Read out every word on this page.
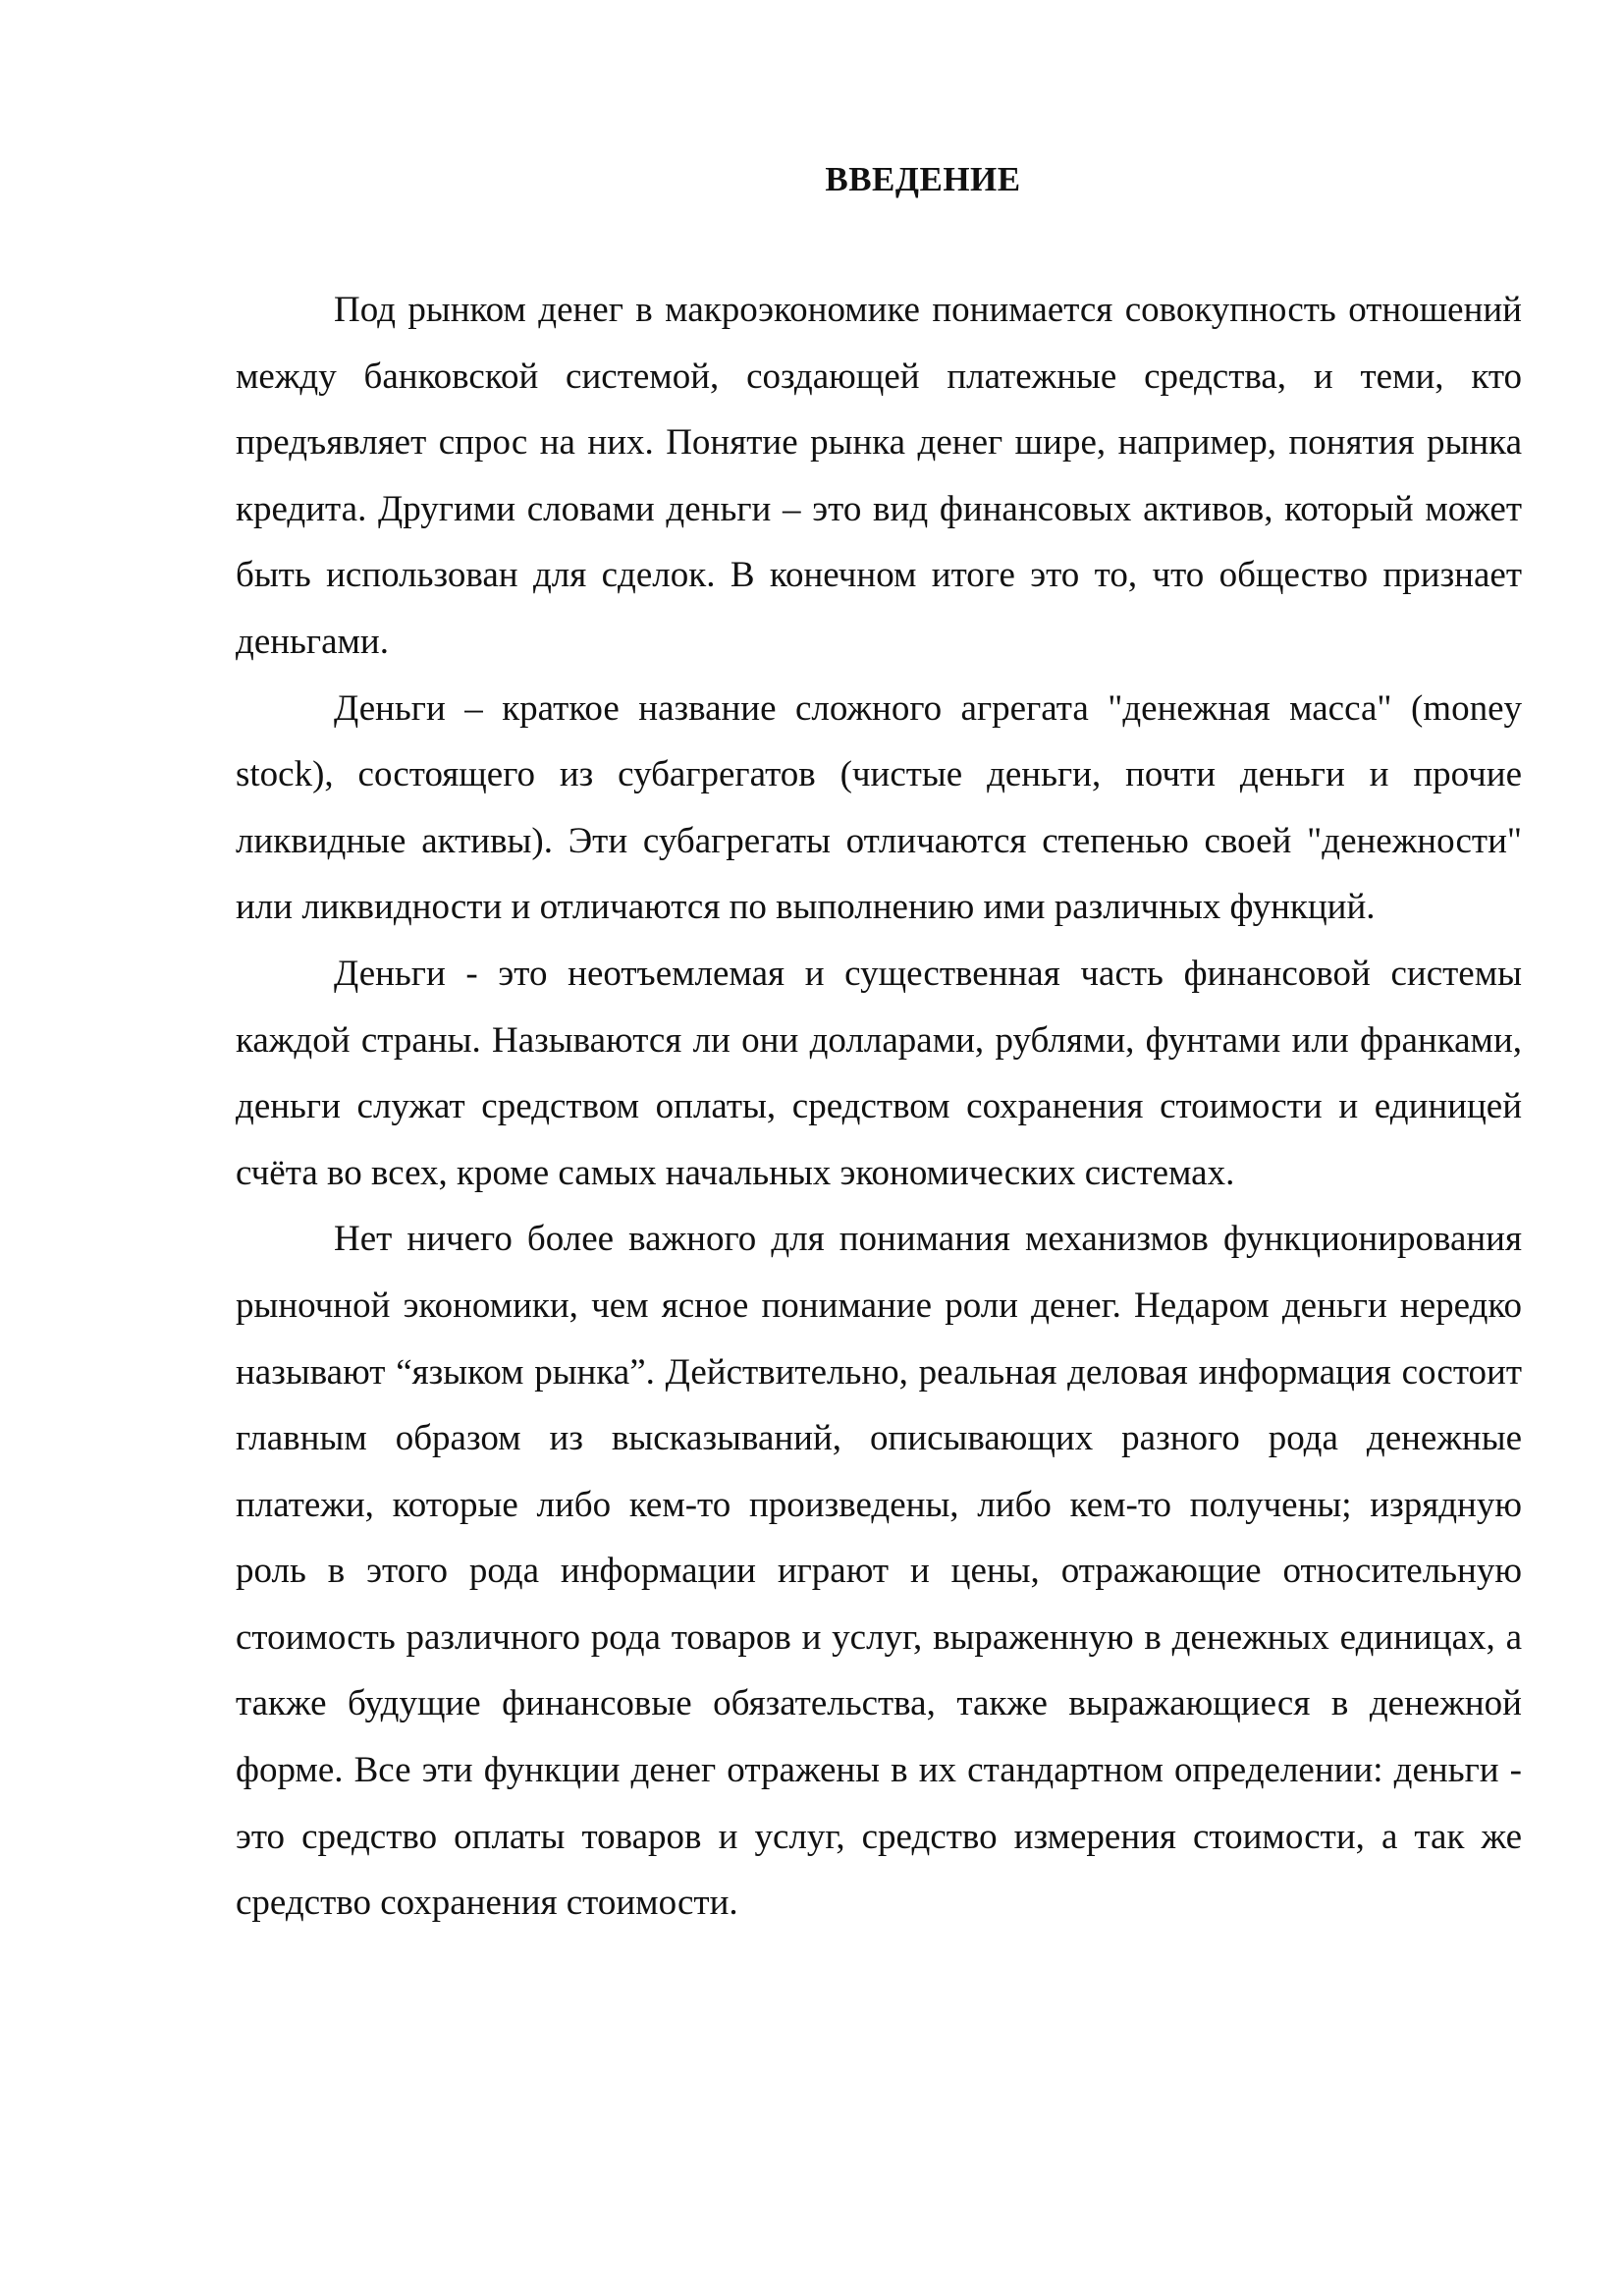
ВВЕДЕНИЕ

Под рынком денег в макроэкономике понимается совокупность отношений между банковской системой, создающей платежные средства, и теми, кто предъявляет спрос на них. Понятие рынка денег шире, например, понятия рынка кредита. Другими словами деньги – это вид финансовых активов, который может быть использован для сделок. В конечном итоге это то, что общество признает деньгами.

Деньги – краткое название сложного агрегата "денежная масса" (money stock), состоящего из субагрегатов (чистые деньги, почти деньги и прочие ликвидные активы). Эти субагрегаты отличаются степенью своей "денежности" или ликвидности и отличаются по выполнению ими различных функций.

Деньги - это неотъемлемая и существенная часть финансовой системы каждой страны. Называются ли они долларами, рублями, фунтами или франками, деньги служат средством оплаты, средством сохранения стоимости и единицей счёта во всех, кроме самых начальных экономических системах.

Нет ничего более важного для понимания механизмов функционирования рыночной экономики, чем ясное понимание роли денег. Недаром деньги нередко называют “языком рынка”. Действительно, реальная деловая информация состоит главным образом из высказываний, описывающих разного рода денежные платежи, которые либо кем-то произведены, либо кем-то получены; изрядную роль в этого рода информации играют и цены, отражающие относительную стоимость различного рода товаров и услуг, выраженную в денежных единицах, а также будущие финансовые обязательства, также выражающиеся в денежной форме. Все эти функции денег отражены в их стандартном определении: деньги - это средство оплаты товаров и услуг, средство измерения стоимости, а так же средство сохранения стоимости.
